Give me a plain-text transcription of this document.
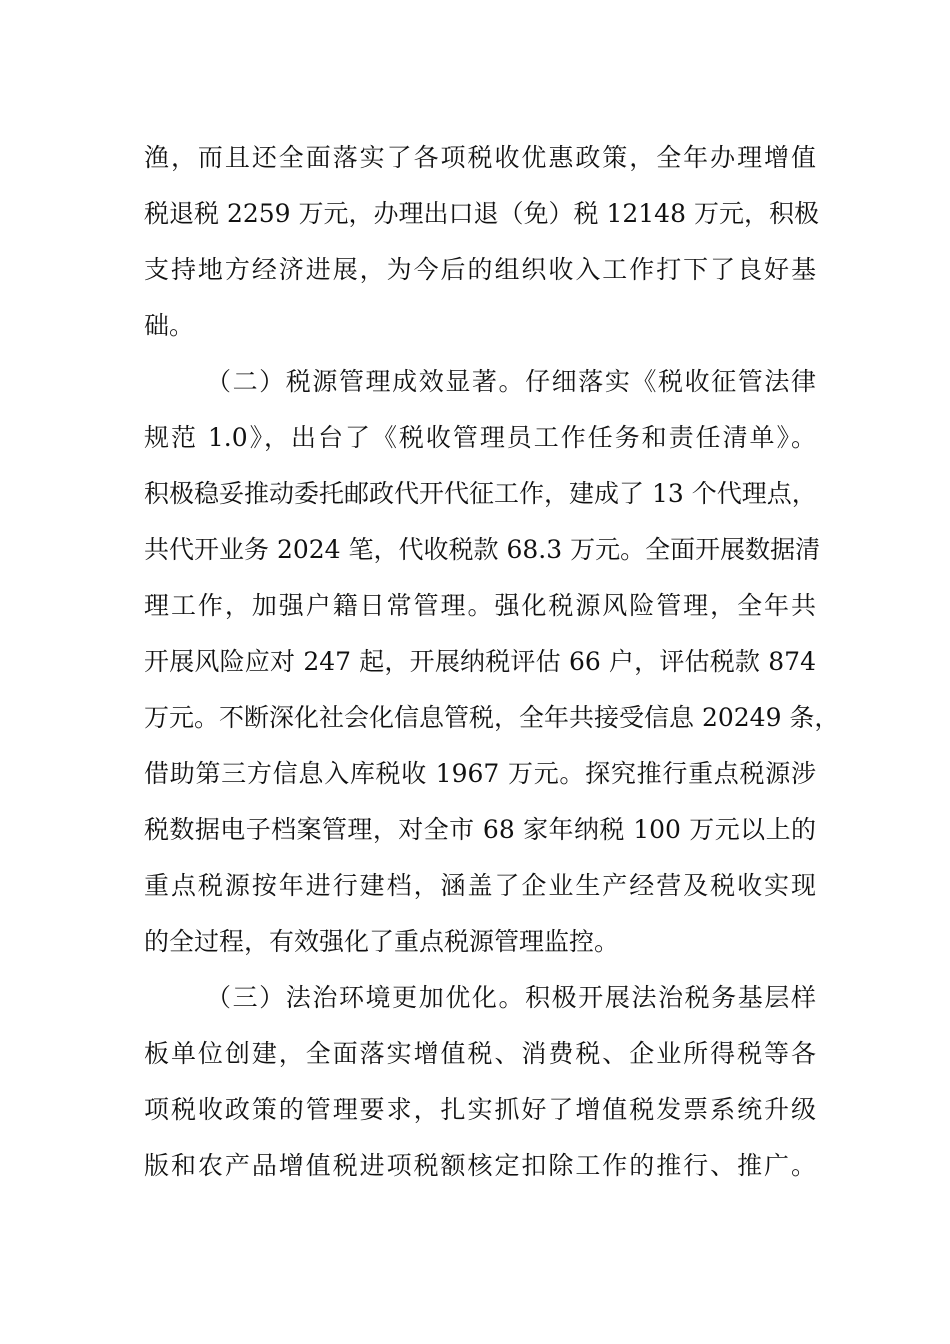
渔，而且还全面落实了各项税收优惠政策，全年办理增值
税退税 2259 万元，办理出口退（免）税 12148 万元，积极
支持地方经济进展，为今后的组织收入工作打下了良好基
础。
（二）税源管理成效显著。仔细落实《税收征管法律
规范 1.0》，出台了《税收管理员工作任务和责任清单》。
积极稳妥推动委托邮政代开代征工作，建成了 13 个代理点，
共代开业务 2024 笔，代收税款 68.3 万元。全面开展数据清
理工作，加强户籍日常管理。强化税源风险管理，全年共
开展风险应对 247 起，开展纳税评估 66 户，评估税款 874
万元。不断深化社会化信息管税，全年共接受信息 20249 条，
借助第三方信息入库税收 1967 万元。探究推行重点税源涉
税数据电子档案管理，对全市 68 家年纳税 100 万元以上的
重点税源按年进行建档，涵盖了企业生产经营及税收实现
的全过程，有效强化了重点税源管理监控。
（三）法治环境更加优化。积极开展法治税务基层样
板单位创建，全面落实增值税、消费税、企业所得税等各
项税收政策的管理要求，扎实抓好了增值税发票系统升级
版和农产品增值税进项税额核定扣除工作的推行、推广。
